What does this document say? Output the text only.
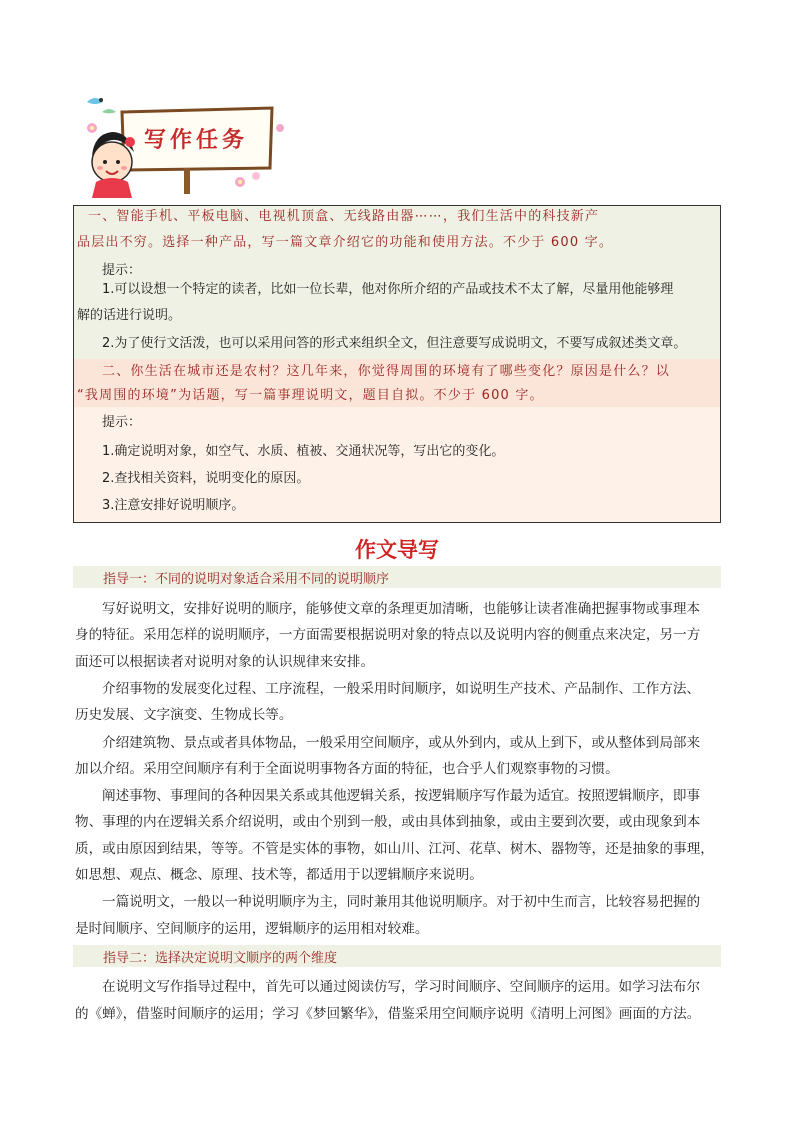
写作任务
一、智能手机、平板电脑、电视机顶盒、无线路由器⋯⋯，我们生活中的科技新产
品层出不穷。选择一种产品，写一篇文章介绍它的功能和使用方法。不少于 600 字。
提示：
1.可以设想一个特定的读者，比如一位长辈，他对你所介绍的产品或技术不太了解，尽量用他能够理
解的话进行说明。
2.为了使行文活泼，也可以采用问答的形式来组织全文，但注意要写成说明文，不要写成叙述类文章。
二、你生活在城市还是农村？这几年来，你觉得周围的环境有了哪些变化？原因是什么？以
“我周围的环境”为话题，写一篇事理说明文，题目自拟。不少于 600 字。
提示：
1.确定说明对象，如空气、水质、植被、交通状况等，写出它的变化。
2.查找相关资料，说明变化的原因。
3.注意安排好说明顺序。
作文导写
指导一：不同的说明对象适合采用不同的说明顺序
写好说明文，安排好说明的顺序，能够使文章的条理更加清晰，也能够让读者准确把握事物或事理本
身的特征。采用怎样的说明顺序，一方面需要根据说明对象的特点以及说明内容的侧重点来决定，另一方
面还可以根据读者对说明对象的认识规律来安排。
介绍事物的发展变化过程、工序流程，一般采用时间顺序，如说明生产技术、产品制作、工作方法、
历史发展、文字演变、生物成长等。
介绍建筑物、景点或者具体物品，一般采用空间顺序，或从外到内，或从上到下，或从整体到局部来
加以介绍。采用空间顺序有利于全面说明事物各方面的特征，也合乎人们观察事物的习惯。
阐述事物、事理间的各种因果关系或其他逻辑关系，按逻辑顺序写作最为适宜。按照逻辑顺序，即事
物、事理的内在逻辑关系介绍说明，或由个别到一般，或由具体到抽象，或由主要到次要，或由现象到本
质，或由原因到结果，等等。不管是实体的事物，如山川、江河、花草、树木、器物等，还是抽象的事理，
如思想、观点、概念、原理、技术等，都适用于以逻辑顺序来说明。
一篇说明文，一般以一种说明顺序为主，同时兼用其他说明顺序。对于初中生而言，比较容易把握的
是时间顺序、空间顺序的运用，逻辑顺序的运用相对较难。
指导二：选择决定说明文顺序的两个维度
在说明文写作指导过程中，首先可以通过阅读仿写，学习时间顺序、空间顺序的运用。如学习法布尔
的《蝉》，借鉴时间顺序的运用；学习《梦回繁华》，借鉴采用空间顺序说明《清明上河图》画面的方法。
